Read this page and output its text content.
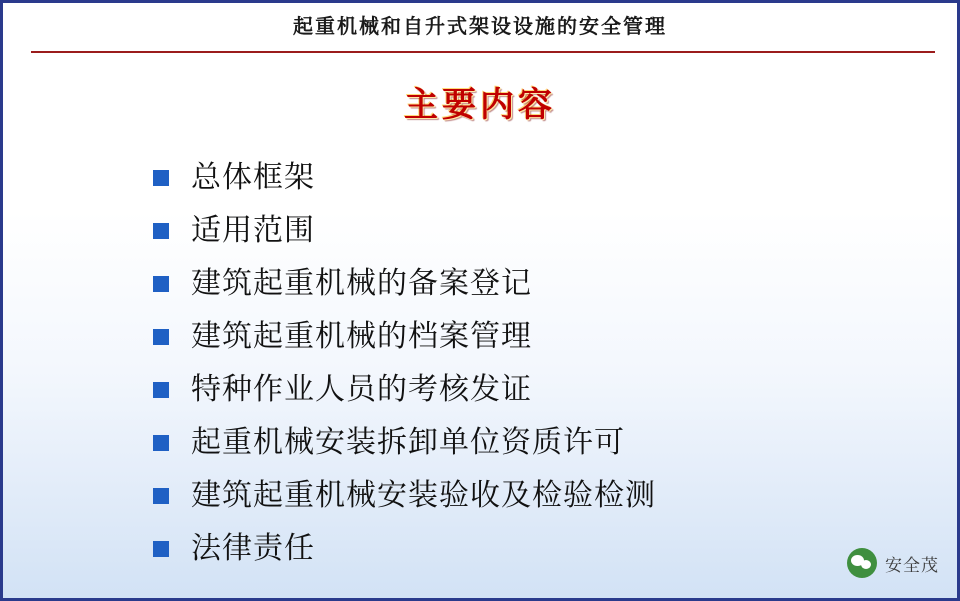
起重机械和自升式架设设施的安全管理
主要内容
总体框架
适用范围
建筑起重机械的备案登记
建筑起重机械的档案管理
特种作业人员的考核发证
起重机械安装拆卸单位资质许可
建筑起重机械安装验收及检验检测
法律责任	安全茂
